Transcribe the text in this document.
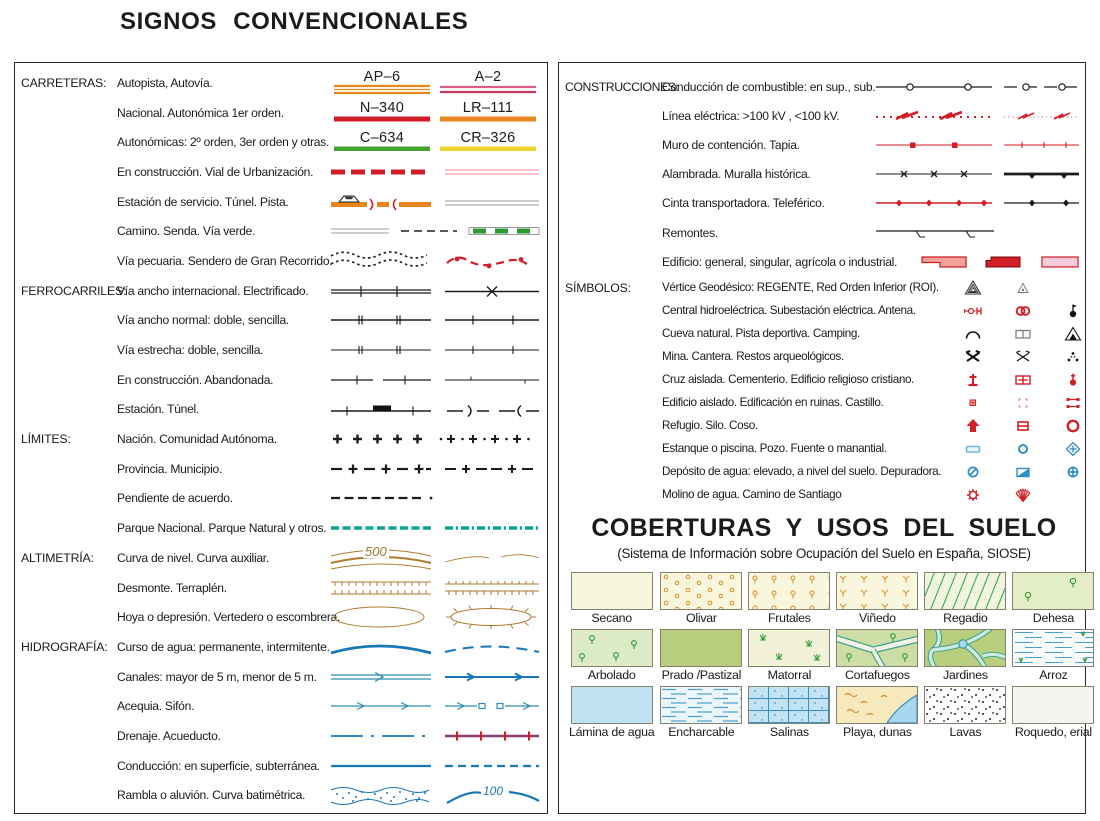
SIGNOS CONVENCIONALES
CARRETERAS: Autopista, Autovía.	AP–6	A–2
Nacional. Autonómica 1er orden.	N–340	LR–111
Autonómicas: 2º orden, 3er orden y otras.	C–634	CR–326
En construcción. Vial de Urbanización.
Estación de servicio. Túnel. Pista.
Camino. Senda. Vía verde.
Vía pecuaria. Sendero de Gran Recorrido.
FERROCARRILES:
Vía ancho internacional. Electrificado.
Vía ancho normal: doble, sencilla.
Vía estrecha: doble, sencilla.
En construcción. Abandonada.
Estación. Túnel.
LÍMITES:	Nación. Comunidad Autónoma.
Provincia. Municipio.
Pendiente de acuerdo.
Parque Nacional. Parque Natural y otros.
ALTIMETRÍA:	Curva de nivel. Curva auxiliar.	500
Desmonte. Terraplén.
Hoya o depresión. Vertedero o escombrera.
HIDROGRAFÍA: Curso de agua: permanente, intermitente.
Canales: mayor de 5 m, menor de 5 m.
Acequia. Sifón.
Drenaje. Acueducto.
Conducción: en superficie, subterránea.
Rambla o aluvión. Curva batimétrica.	100
CONSTRUCCIONES:
Conducción de combustible: en sup., sub.
Línea eléctrica: >100 kV , <100 kV.
Muro de contención. Tapia.
Alambrada. Muralla histórica.
Cinta transportadora. Teleférico.
Remontes.
Edificio: general, singular, agrícola o industrial.
SÍMBOLOS:	Vértice Geodésico: REGENTE, Red Orden Inferior (ROI).
Central hidroeléctrica. Subestación eléctrica. Antena.
Cueva natural. Pista deportiva. Camping.
Mina. Cantera. Restos arqueológicos.
Cruz aislada. Cementerio. Edificio religioso cristiano.
Edificio aislado. Edificación en ruinas. Castillo.
Refugio. Silo. Coso.
Estanque o piscina. Pozo. Fuente o manantial.
Depósito de agua: elevado, a nivel del suelo. Depuradora.
Molino de agua. Camino de Santiago
COBERTURAS Y USOS DEL SUELO
(Sistema de Información sobre Ocupación del Suelo en España, SIOSE)
Secano	Olivar	Frutales	Viñedo	Regadio	Dehesa
Arbolado	Prado /Pastizal	Matorral	Cortafuegos	Jardines	Arroz
Lámina de agua	Encharcable	Salinas	Playa, dunas	Lavas	Roquedo, erial
